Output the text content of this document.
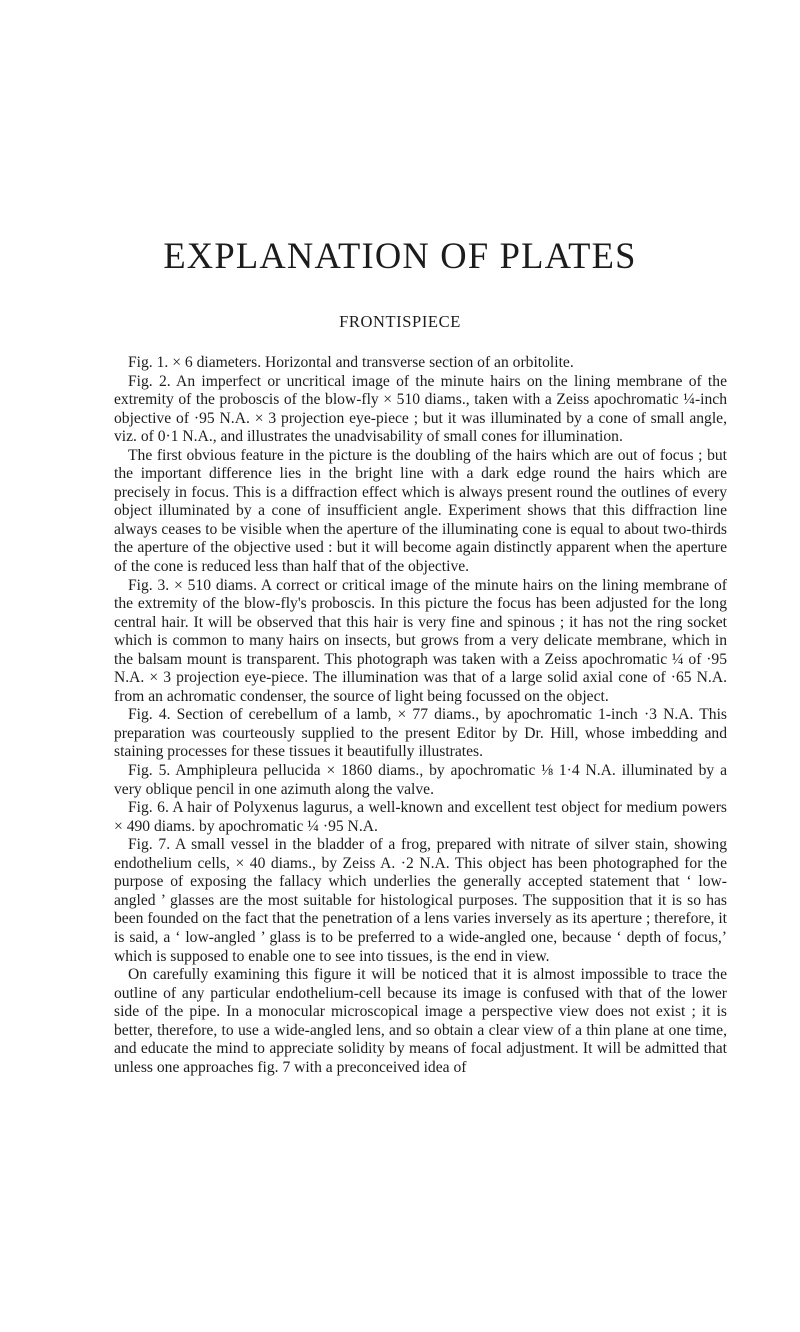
EXPLANATION OF PLATES
FRONTISPIECE

Fig. 1. × 6 diameters. Horizontal and transverse section of an orbitolite.

Fig. 2. An imperfect or uncritical image of the minute hairs on the lining membrane of the extremity of the proboscis of the blow-fly × 510 diams., taken with a Zeiss apochromatic ¼-inch objective of ·95 N.A. × 3 projection eye-piece ; but it was illuminated by a cone of small angle, viz. of 0·1 N.A., and illustrates the unadvisability of small cones for illumination.

The first obvious feature in the picture is the doubling of the hairs which are out of focus ; but the important difference lies in the bright line with a dark edge round the hairs which are precisely in focus. This is a diffraction effect which is always present round the outlines of every object illuminated by a cone of insufficient angle. Experiment shows that this diffraction line always ceases to be visible when the aperture of the illuminating cone is equal to about two-thirds the aperture of the objective used : but it will become again distinctly apparent when the aperture of the cone is reduced less than half that of the objective.

Fig. 3. × 510 diams. A correct or critical image of the minute hairs on the lining membrane of the extremity of the blow-fly's proboscis. In this picture the focus has been adjusted for the long central hair. It will be observed that this hair is very fine and spinous ; it has not the ring socket which is common to many hairs on insects, but grows from a very delicate membrane, which in the balsam mount is transparent. This photograph was taken with a Zeiss apochromatic ¼ of ·95 N.A. × 3 projection eye-piece. The illumination was that of a large solid axial cone of ·65 N.A. from an achromatic condenser, the source of light being focussed on the object.

Fig. 4. Section of cerebellum of a lamb, × 77 diams., by apochromatic 1-inch ·3 N.A. This preparation was courteously supplied to the present Editor by Dr. Hill, whose imbedding and staining processes for these tissues it beautifully illustrates.

Fig. 5. Amphipleura pellucida × 1860 diams., by apochromatic ⅛ 1·4 N.A. illuminated by a very oblique pencil in one azimuth along the valve.

Fig. 6. A hair of Polyxenus lagurus, a well-known and excellent test object for medium powers × 490 diams. by apochromatic ¼ ·95 N.A.

Fig. 7. A small vessel in the bladder of a frog, prepared with nitrate of silver stain, showing endothelium cells, × 40 diams., by Zeiss A. ·2 N.A. This object has been photographed for the purpose of exposing the fallacy which underlies the generally accepted statement that ‘ low-angled ’ glasses are the most suitable for histological purposes. The supposition that it is so has been founded on the fact that the penetration of a lens varies inversely as its aperture ; therefore, it is said, a ‘ low-angled ’ glass is to be preferred to a wide-angled one, because ‘ depth of focus,’ which is supposed to enable one to see into tissues, is the end in view.

On carefully examining this figure it will be noticed that it is almost impossible to trace the outline of any particular endothelium-cell because its image is confused with that of the lower side of the pipe. In a monocular microscopical image a perspective view does not exist ; it is better, therefore, to use a wide-angled lens, and so obtain a clear view of a thin plane at one time, and educate the mind to appreciate solidity by means of focal adjustment. It will be admitted that unless one approaches fig. 7 with a preconceived idea of
